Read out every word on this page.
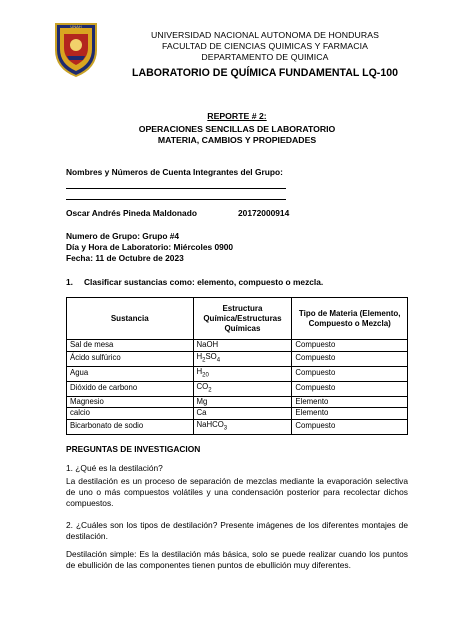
UNAH
UNIVERSIDAD NACIONAL AUTONOMA DE HONDURAS
FACULTAD DE CIENCIAS QUIMICAS Y FARMACIA
DEPARTAMENTO DE QUIMICA
LABORATORIO DE QUÍMICA FUNDAMENTAL LQ-100
REPORTE # 2:
OPERACIONES SENCILLAS DE LABORATORIO
MATERIA, CAMBIOS Y PROPIEDADES
Nombres y Números de Cuenta Integrantes del Grupo:
Oscar Andrés Pineda Maldonado	20172000914
Numero de Grupo: Grupo #4
Día y Hora de Laboratorio: Miércoles 0900
Fecha: 11 de Octubre de 2023
1. Clasificar sustancias como: elemento, compuesto o mezcla.
Sustancia	Estructura Química/Estructuras Químicas	Tipo de Materia (Elemento, Compuesto o Mezcla)
Sal de mesa	NaOH	Compuesto
Ácido sulfúrico	$H_2SO_4$	Compuesto
Agua	$H_{20}$	Compuesto
Dióxido de carbono	$CO_2$	Compuesto
Magnesio	Mg	Elemento
calcio	Ca	Elemento
Bicarbonato de sodio	NaHCO$_3$	Compuesto
PREGUNTAS DE INVESTIGACION
1. ¿Qué es la destilación?
La destilación es un proceso de separación de mezclas mediante la evaporación selectiva de uno o más compuestos volátiles y una condensación posterior para recolectar dichos compuestos.
2. ¿Cuáles son los tipos de destilación? Presente imágenes de los diferentes montajes de destilación.
Destilación simple: Es la destilación más básica, solo se puede realizar cuando los puntos de ebullición de las componentes tienen puntos de ebullición muy diferentes.
